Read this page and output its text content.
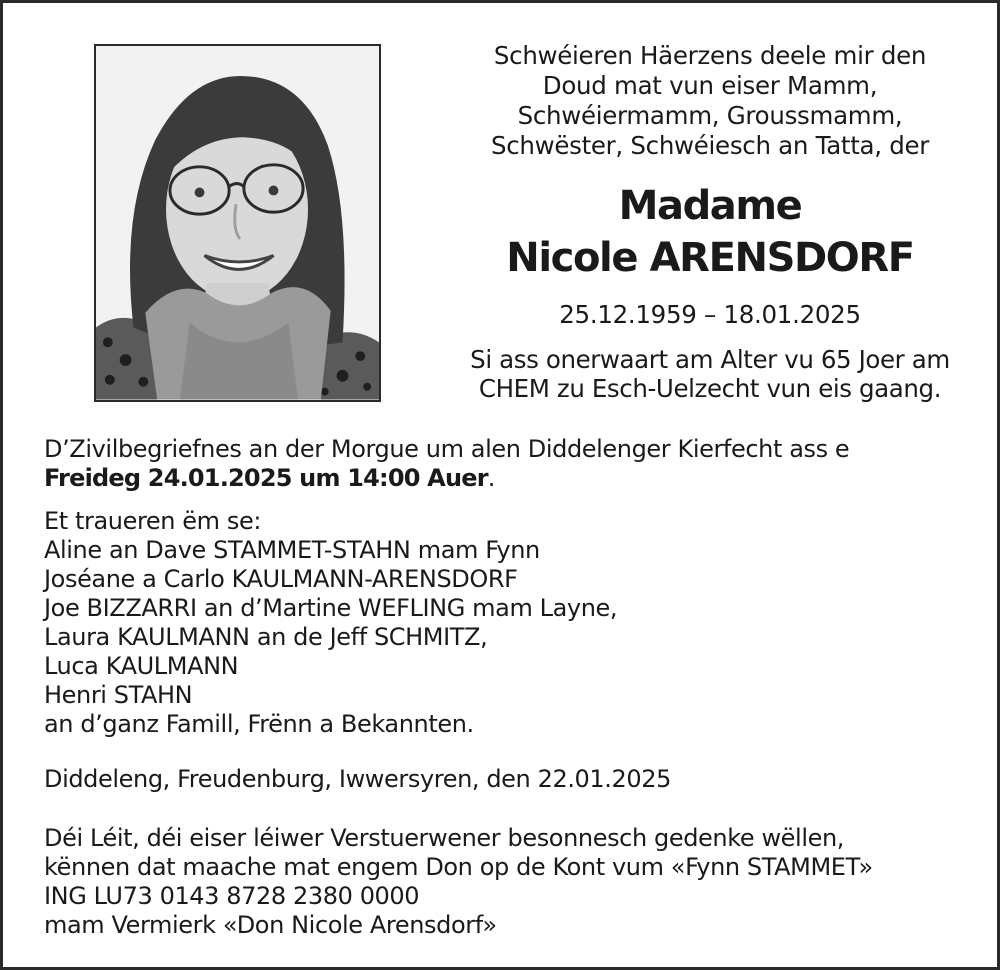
Schwéieren Häerzens deele mir den
Doud mat vun eiser Mamm,
Schwéiermamm, Groussmamm,
Schwëster, Schwéiesch an Tatta, der
Madame
Nicole ARENSDORF
25.12.1959 – 18.01.2025
Si ass onerwaart am Alter vu 65 Joer am
CHEM zu Esch-Uelzecht vun eis gaang.
D’Zivilbegriefnes an der Morgue um alen Diddelenger Kierfecht ass e
Freideg 24.01.2025 um 14:00 Auer.
Et traueren ëm se:
Aline an Dave STAMMET-STAHN mam Fynn
Joséane a Carlo KAULMANN-ARENSDORF
Joe BIZZARRI an d’Martine WEFLING mam Layne,
Laura KAULMANN an de Jeff SCHMITZ,
Luca KAULMANN
Henri STAHN
an d’ganz Famill, Frënn a Bekannten.
Diddeleng, Freudenburg, Iwwersyren, den 22.01.2025
Déi Léit, déi eiser léiwer Verstuerwener besonnesch gedenke wëllen,
kënnen dat maache mat engem Don op de Kont vum «Fynn STAMMET»
ING LU73 0143 8728 2380 0000
mam Vermierk «Don Nicole Arensdorf»
